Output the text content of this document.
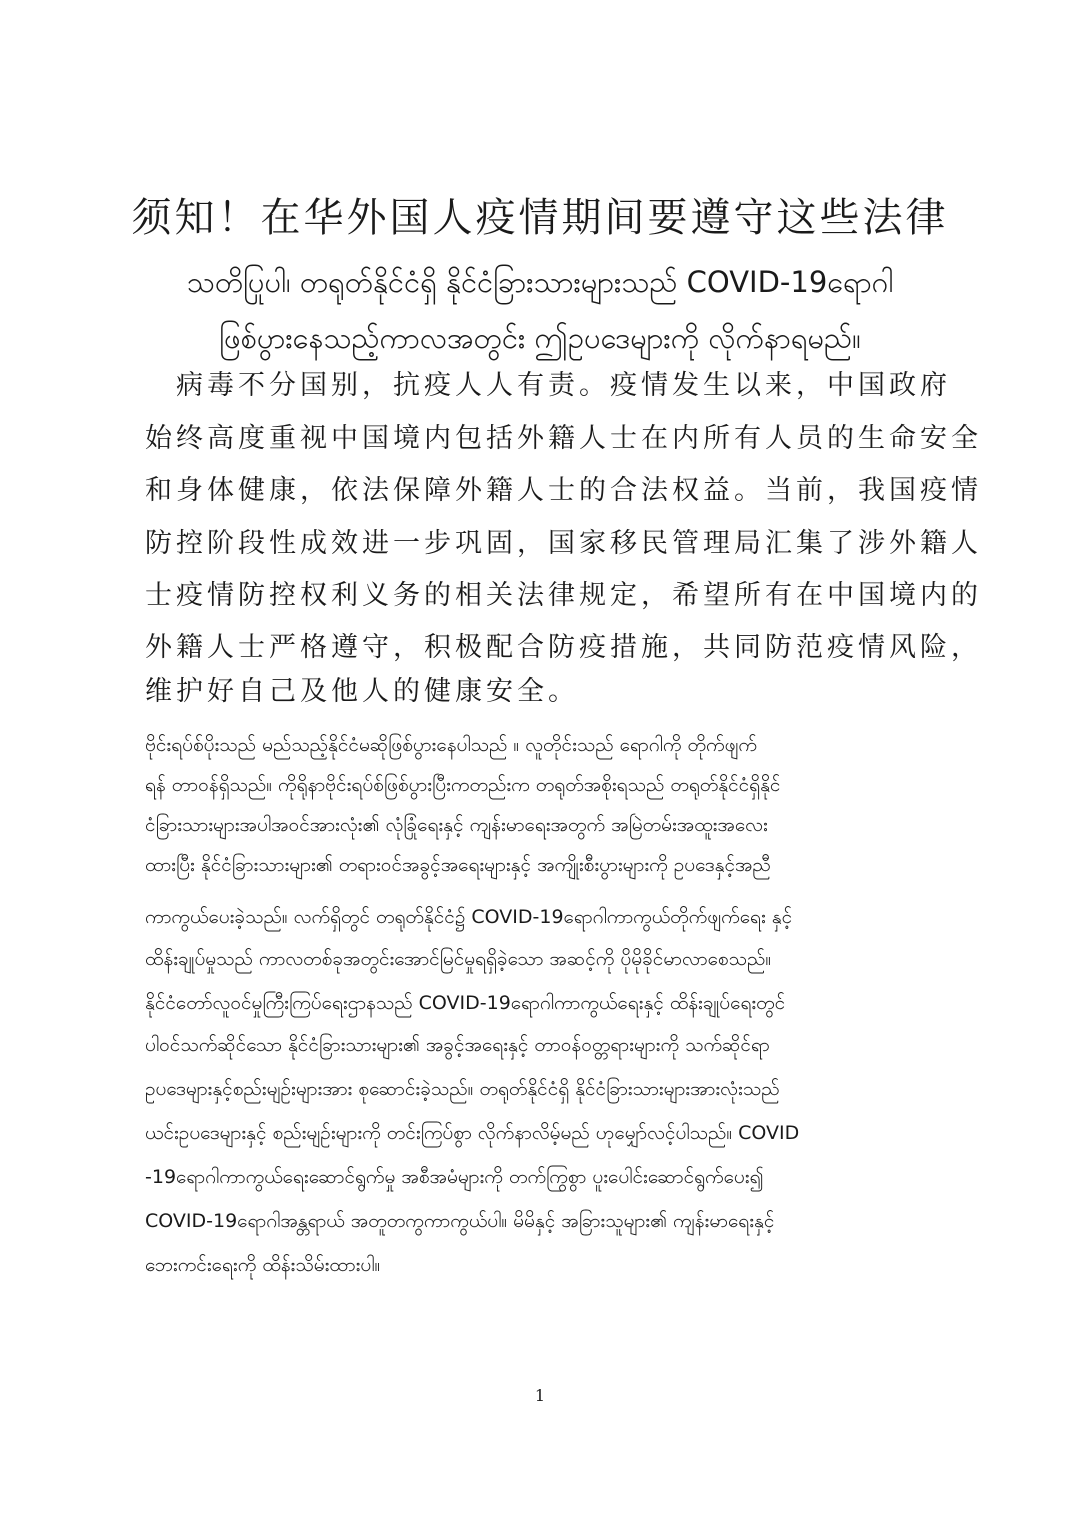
须知！在华外国人疫情期间要遵守这些法律
သတိပြုပါ၊ တရုတ်နိုင်ငံရှိ နိုင်ငံခြားသားများသည် COVID-19ရောဂါ
ဖြစ်ပွားနေသည့်ကာလအတွင်း ဤဥပဒေများကို လိုက်နာရမည်။
　病毒不分国别，抗疫人人有责。疫情发生以来，中国政府
始终高度重视中国境内包括外籍人士在内所有人员的生命安全
和身体健康，依法保障外籍人士的合法权益。当前，我国疫情
防控阶段性成效进一步巩固，国家移民管理局汇集了涉外籍人
士疫情防控权利义务的相关法律规定，希望所有在中国境内的
外籍人士严格遵守，积极配合防疫措施，共同防范疫情风险，
维护好自己及他人的健康安全。
ဗိုင်းရပ်စ်ပိုးသည် မည်သည့်နိုင်ငံမဆိုဖြစ်ပွားနေပါသည် ။ လူတိုင်းသည် ရောဂါကို တိုက်ဖျက်
ရန် တာဝန်ရှိသည်။ ကိုရိုနာဗိုင်းရပ်စ်ဖြစ်ပွားပြီးကတည်းက တရုတ်အစိုးရသည် တရုတ်နိုင်ငံရှိနိုင်
ငံခြားသားများအပါအဝင်အားလုံး၏ လုံခြုံရေးနှင့် ကျန်းမာရေးအတွက် အမြဲတမ်းအထူးအလေး
ထားပြီး နိုင်ငံခြားသားများ၏ တရားဝင်အခွင့်အရေးများနှင့် အကျိုးစီးပွားများကို ဥပဒေနှင့်အညီ
ကာကွယ်ပေးခဲ့သည်။ လက်ရှိတွင် တရုတ်နိုင်ငံ၌ COVID-19ရောဂါကာကွယ်တိုက်ဖျက်ရေး နှင့်
ထိန်းချုပ်မှုသည် ကာလတစ်ခုအတွင်းအောင်မြင်မှုရရှိခဲ့သော အဆင့်ကို ပိုမိုခိုင်မာလာစေသည်။
နိုင်ငံတော်လူဝင်မှုကြီးကြပ်ရေးဌာနသည် COVID-19ရောဂါကာကွယ်ရေးနှင့် ထိန်းချုပ်ရေးတွင်
ပါဝင်သက်ဆိုင်သော နိုင်ငံခြားသားများ၏ အခွင့်အရေးနှင့် တာဝန်ဝတ္တရားများကို သက်ဆိုင်ရာ
ဥပဒေများနှင့်စည်းမျဉ်းများအား စုဆောင်းခဲ့သည်။ တရုတ်နိုင်ငံရှိ နိုင်ငံခြားသားများအားလုံးသည်
ယင်းဥပဒေများနှင့် စည်းမျဉ်းများကို တင်းကြပ်စွာ လိုက်နာလိမ့်မည် ဟုမျှော်လင့်ပါသည်။ COVID
-19ရောဂါကာကွယ်ရေးဆောင်ရွက်မှု အစီအမံများကို တက်ကြွစွာ ပူးပေါင်းဆောင်ရွက်ပေး၍
COVID-19ရောဂါအန္တရာယ် အတူတကွကာကွယ်ပါ။ မိမိနှင့် အခြားသူများ၏ ကျန်းမာရေးနှင့်
ဘေးကင်းရေးကို ထိန်းသိမ်းထားပါ။
1
